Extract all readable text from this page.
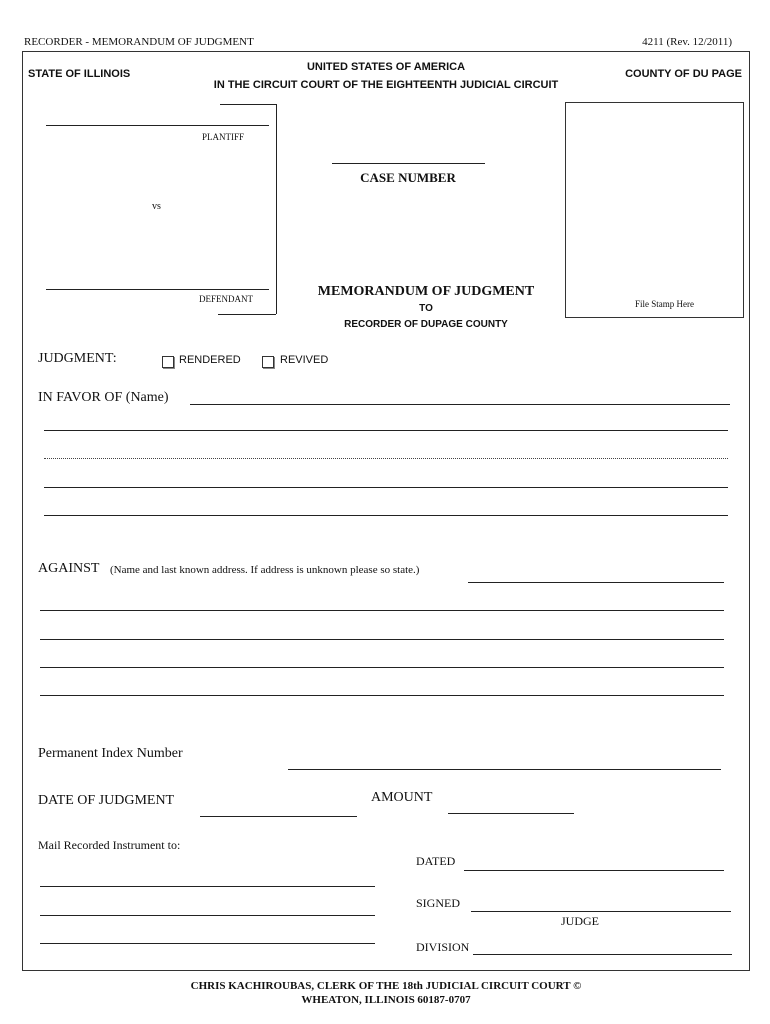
RECORDER - MEMORANDUM OF JUDGMENT	4211 (Rev. 12/2011)
STATE OF ILLINOIS
UNITED STATES OF AMERICA
IN THE CIRCUIT COURT OF THE EIGHTEENTH JUDICIAL CIRCUIT
COUNTY OF DU PAGE
PLANTIFF
vs
DEFENDANT
CASE NUMBER
MEMORANDUM OF JUDGMENT
TO
RECORDER OF DUPAGE COUNTY
File Stamp Here
JUDGMENT:	RENDERED	REVIVED
IN FAVOR OF (Name)
AGAINST (Name and last known address. If address is unknown please so state.)
Permanent Index Number
DATE OF JUDGMENT	AMOUNT
Mail Recorded Instrument to:
DATED
SIGNED
JUDGE
DIVISION
CHRIS KACHIROUBAS, CLERK OF THE 18th JUDICIAL CIRCUIT COURT ©
WHEATON, ILLINOIS 60187-0707
